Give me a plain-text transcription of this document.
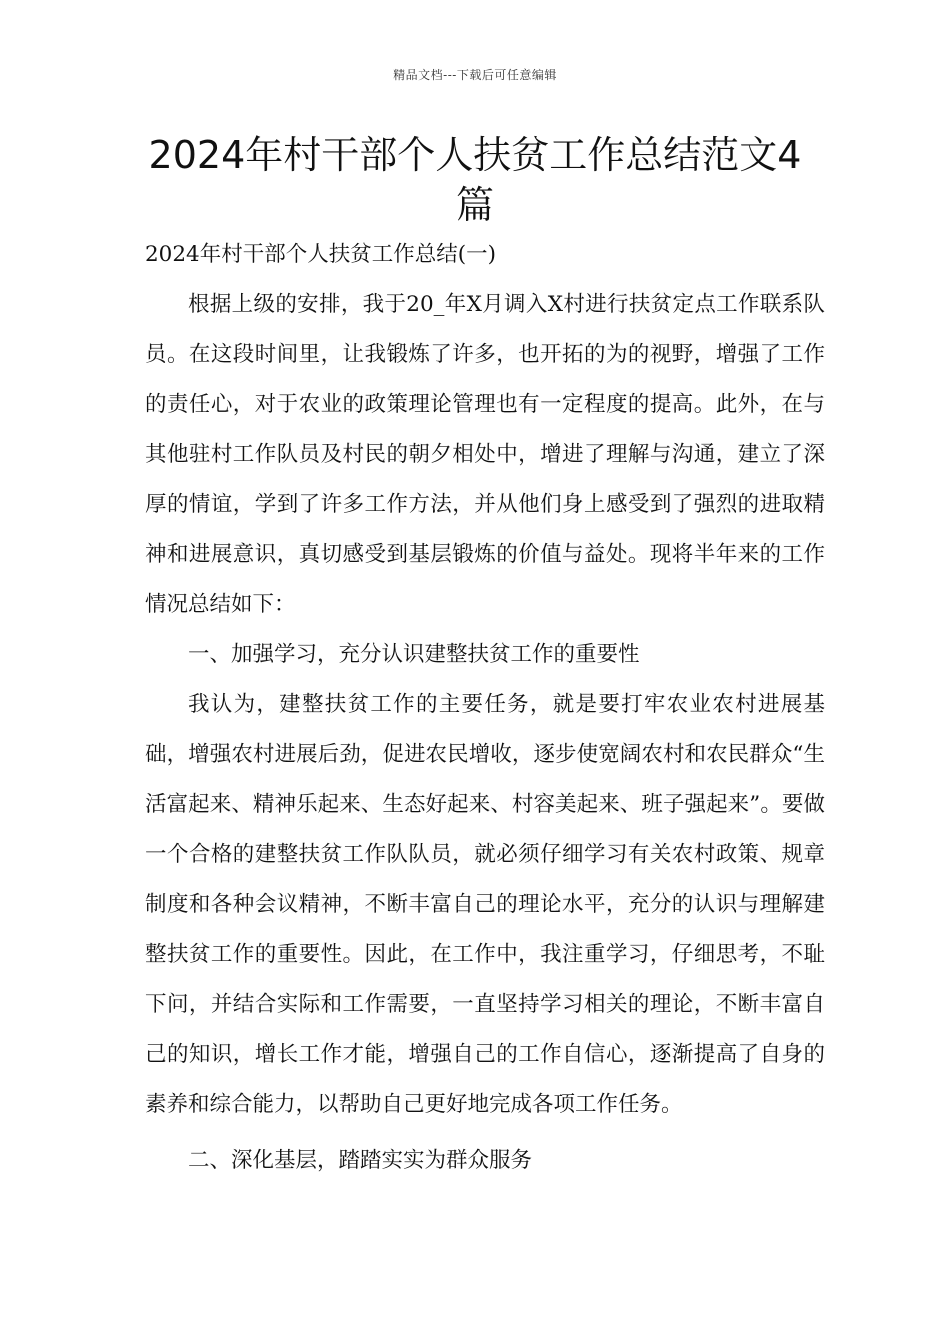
精品文档---下载后可任意编辑
2024年村干部个人扶贫工作总结范文4篇

2024年村干部个人扶贫工作总结(一)

根据上级的安排，我于20_年X月调入X村进行扶贫定点工作联系队员。在这段时间里，让我锻炼了许多，也开拓的为的视野，增强了工作的责任心，对于农业的政策理论管理也有一定程度的提高。此外，在与其他驻村工作队员及村民的朝夕相处中，增进了理解与沟通，建立了深厚的情谊，学到了许多工作方法，并从他们身上感受到了强烈的进取精神和进展意识，真切感受到基层锻炼的价值与益处。现将半年来的工作情况总结如下：

一、加强学习，充分认识建整扶贫工作的重要性

我认为，建整扶贫工作的主要任务，就是要打牢农业农村进展基础，增强农村进展后劲，促进农民增收，逐步使宽阔农村和农民群众“生活富起来、精神乐起来、生态好起来、村容美起来、班子强起来”。要做一个合格的建整扶贫工作队队员，就必须仔细学习有关农村政策、规章制度和各种会议精神，不断丰富自己的理论水平，充分的认识与理解建整扶贫工作的重要性。因此，在工作中，我注重学习，仔细思考，不耻下问，并结合实际和工作需要，一直坚持学习相关的理论，不断丰富自己的知识，增长工作才能，增强自己的工作自信心，逐渐提高了自身的素养和综合能力，以帮助自己更好地完成各项工作任务。

二、深化基层，踏踏实实为群众服务
